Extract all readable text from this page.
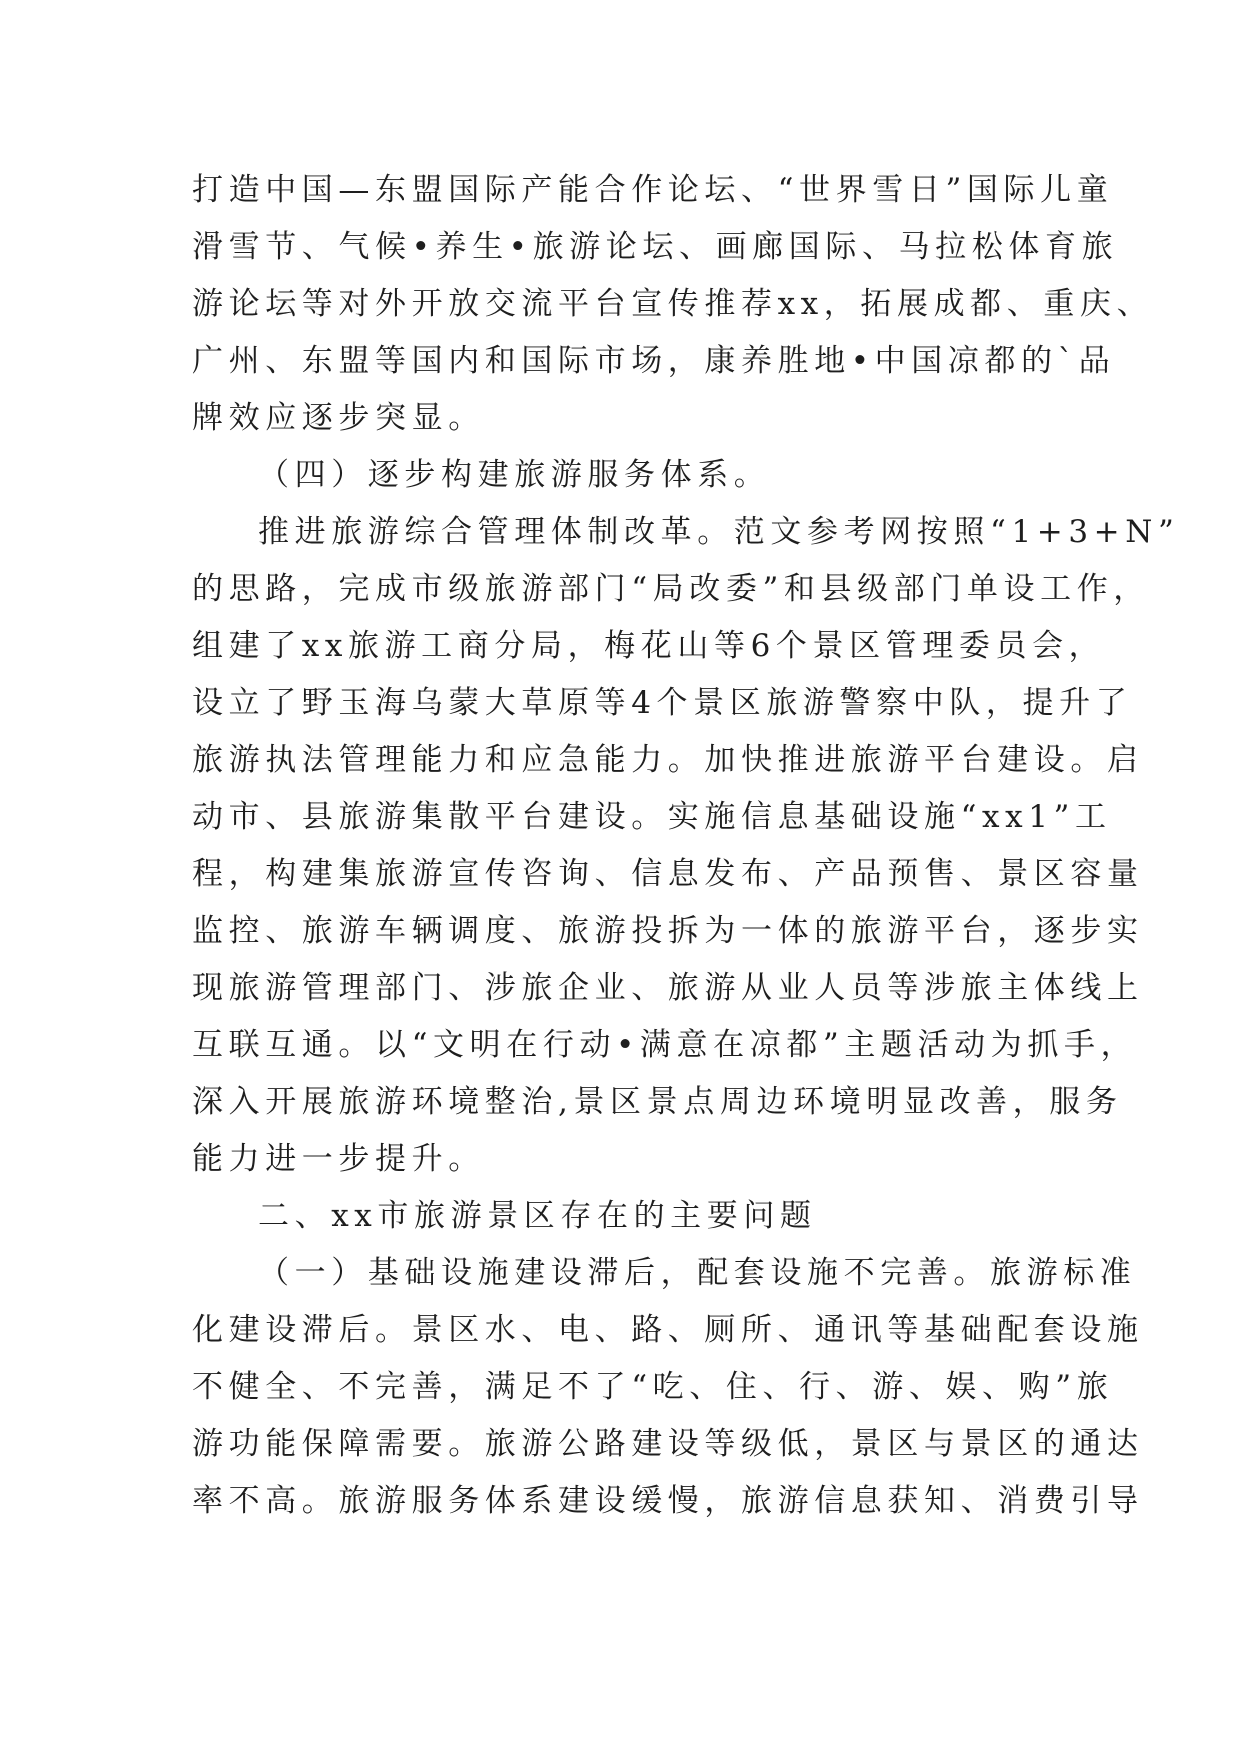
打造中国—东盟国际产能合作论坛、“世界雪日”国际儿童
滑雪节、气候•养生•旅游论坛、画廊国际、马拉松体育旅
游论坛等对外开放交流平台宣传推荐xx，拓展成都、重庆、
广州、东盟等国内和国际市场，康养胜地•中国凉都的`品
牌效应逐步突显。
（四）逐步构建旅游服务体系。
推进旅游综合管理体制改革。范文参考网按照“1+3+N”
的思路，完成市级旅游部门“局改委”和县级部门单设工作，
组建了xx旅游工商分局，梅花山等6个景区管理委员会，
设立了野玉海乌蒙大草原等4个景区旅游警察中队，提升了
旅游执法管理能力和应急能力。加快推进旅游平台建设。启
动市、县旅游集散平台建设。实施信息基础设施“xx1”工
程，构建集旅游宣传咨询、信息发布、产品预售、景区容量
监控、旅游车辆调度、旅游投拆为一体的旅游平台，逐步实
现旅游管理部门、涉旅企业、旅游从业人员等涉旅主体线上
互联互通。以“文明在行动•满意在凉都”主题活动为抓手，
深入开展旅游环境整治,景区景点周边环境明显改善，服务
能力进一步提升。
二、xx市旅游景区存在的主要问题
（一）基础设施建设滞后，配套设施不完善。旅游标准
化建设滞后。景区水、电、路、厕所、通讯等基础配套设施
不健全、不完善，满足不了“吃、住、行、游、娱、购”旅
游功能保障需要。旅游公路建设等级低，景区与景区的通达
率不高。旅游服务体系建设缓慢，旅游信息获知、消费引导
